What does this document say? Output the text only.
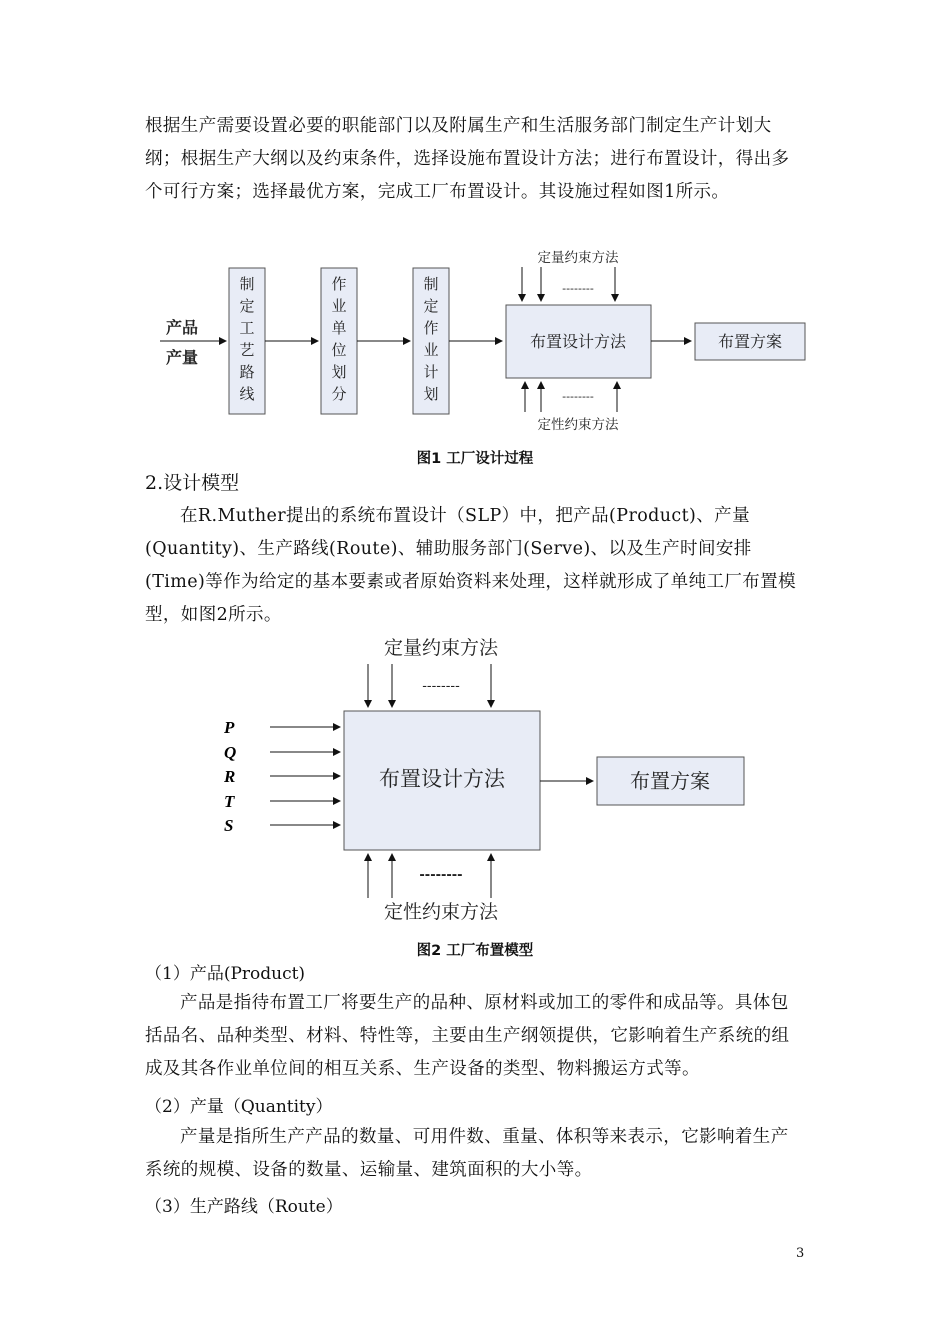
根据生产需要设置必要的职能部门以及附属生产和生活服务部门制定生产计划大纲；根据生产大纲以及约束条件，选择设施布置设计方法；进行布置设计，得出多个可行方案；选择最优方案，完成工厂布置设计。其设施过程如图1所示。

产品
产量
制定工艺路线
作业单位划分
制定作业计划
布置设计方法	布置方案
定量约束方法
--------
--------
定性约束方法
定量约束方法
--------
布置设计方法	布置方案
P
Q
R
T
S
--------
定性约束方法
图1 工厂设计过程

2.设计模型

在R.Muther提出的系统布置设计（SLP）中，把产品(Product)、产量(Quantity)、生产路线(Route)、辅助服务部门(Serve)、以及生产时间安排(Time)等作为给定的基本要素或者原始资料来处理，这样就形成了单纯工厂布置模型，如图2所示。

图2 工厂布置模型
（1）产品(Product)

产品是指待布置工厂将要生产的品种、原材料或加工的零件和成品等。具体包括品名、品种类型、材料、特性等，主要由生产纲领提供，它影响着生产系统的组成及其各作业单位间的相互关系、生产设备的类型、物料搬运方式等。

（2）产量（Quantity）

产量是指所生产产品的数量、可用件数、重量、体积等来表示，它影响着生产系统的规模、设备的数量、运输量、建筑面积的大小等。

（3）生产路线（Route）
3
